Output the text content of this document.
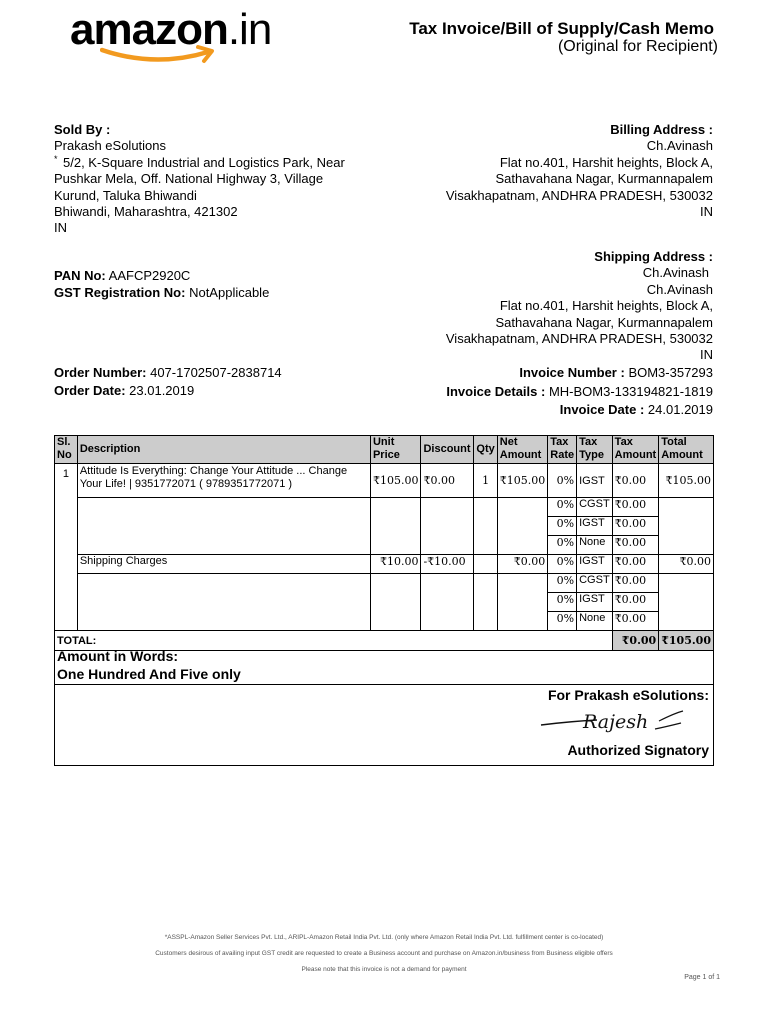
amazon.in	Tax Invoice/Bill of Supply/Cash Memo
(Original for Recipient)
Sold By :
Prakash eSolutions
* 5/2, K-Square Industrial and Logistics Park, Near
Pushkar Mela, Off. National Highway 3, Village
Kurund, Taluka Bhiwandi
Bhiwandi, Maharashtra, 421302
IN
PAN No: AAFCP2920C
GST Registration No: NotApplicable
Billing Address :
Ch.Avinash
Flat no.401, Harshit heights, Block A,
Sathavahana Nagar, Kurmannapalem
Visakhapatnam, ANDHRA PRADESH, 530032
IN
Shipping Address :
Ch.Avinash
Ch.Avinash
Flat no.401, Harshit heights, Block A,
Sathavahana Nagar, Kurmannapalem
Visakhapatnam, ANDHRA PRADESH, 530032
IN
Order Number: 407-1702507-2838714
Order Date: 23.01.2019
Invoice Number : BOM3-357293
Invoice Details : MH-BOM3-133194821-1819
Invoice Date : 24.01.2019
Sl. No	Description	Unit Price	Discount	Qty	Net Amount	Tax Rate	Tax Type	Tax Amount	Total Amount
1	Attitude Is Everything: Change Your Attitude ... Change Your Life! | 9351772071 ( 9789351772071 )	₹105.00	₹0.00	1	₹105.00	0%	IGST	₹0.00	₹105.00
						0%	CGST	₹0.00	
						0%	IGST	₹0.00	
						0%	None	₹0.00	
	Shipping Charges	₹10.00	-₹10.00		₹0.00	0%	IGST	₹0.00	₹0.00
						0%	CGST	₹0.00	
						0%	IGST	₹0.00	
						0%	None	₹0.00	
TOTAL:								₹0.00	₹105.00
Amount in Words:
One Hundred And Five only
For Prakash eSolutions:
Rajesh
Authorized Signatory
*ASSPL-Amazon Seller Services Pvt. Ltd., ARIPL-Amazon Retail India Pvt. Ltd. (only where Amazon Retail India Pvt. Ltd. fulfillment center is co-located)
Customers desirous of availing input GST credit are requested to create a Business account and purchase on Amazon.in/business from Business eligible offers
Please note that this invoice is not a demand for payment
Page 1 of 1
